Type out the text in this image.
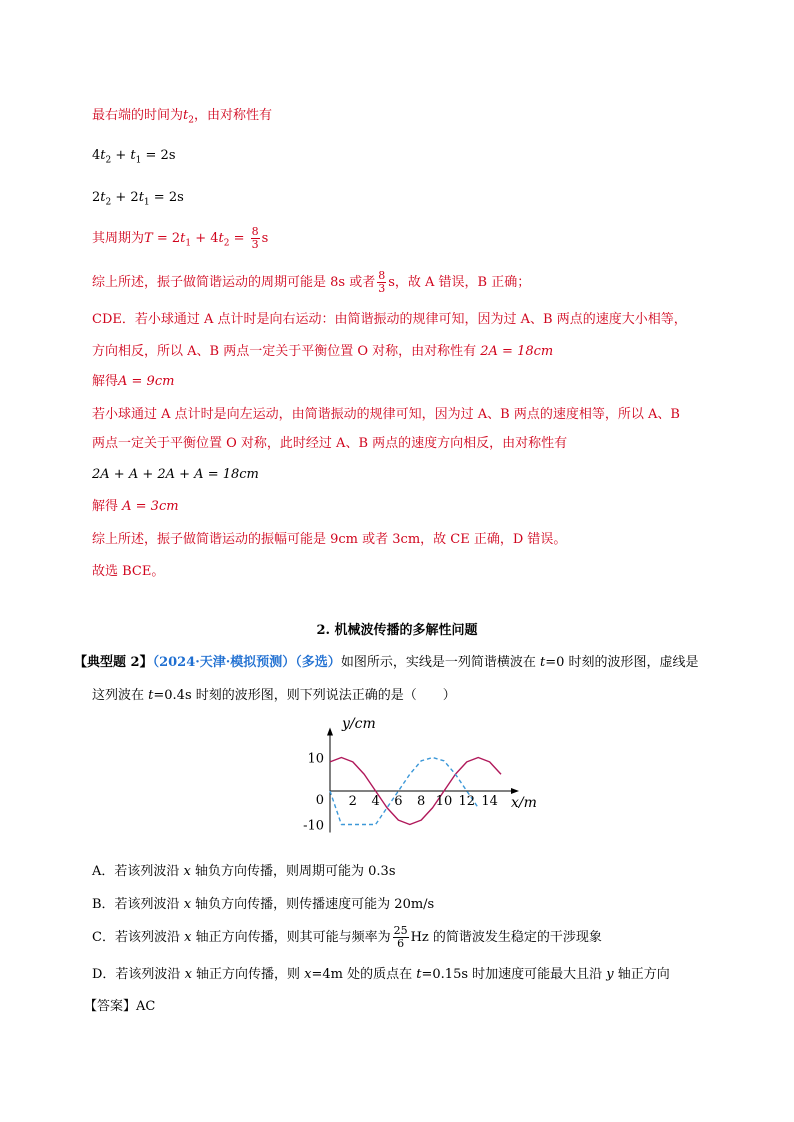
最右端的时间为$t_2$，由对称性有
$4t_2 + t_1 = 2s$
$2t_2 + 2t_1 = 2s$
其周期为$T = 2t_1 + 4t_2 = \frac{8}{3}$ s
综上所述，振子做简谐运动的周期可能是 8s 或者 $\frac{8}{3}$ s，故 A 错误，B 正确；
CDE．若小球通过 A 点计时是向右运动：由简谐振动的规律可知，因为过 A、B 两点的速度大小相等，
方向相反，所以 A、B 两点一定关于平衡位置 O 对称，由对称性有 2A = 18cm
解得A = 9cm
若小球通过 A 点计时是向左运动，由简谐振动的规律可知，因为过 A、B 两点的速度相等，所以 A、B
两点一定关于平衡位置 O 对称，此时经过 A、B 两点的速度方向相反，由对称性有
2A + A + 2A + A = 18cm
解得 A = 3cm
综上所述，振子做简谐运动的振幅可能是 9cm 或者 3cm，故 CE 正确，D 错误。
故选 BCE。
2. 机械波传播的多解性问题
【典型题 2】（2024·天津·模拟预测）（多选）如图所示，实线是一列简谐横波在 t=0 时刻的波形图，虚线是
这列波在 t=0.4s 时刻的波形图，则下列说法正确的是（　　）
2 4 6 8 10 12 14
10
0
-10
y/cm
x/m
A．若该列波沿 x 轴负方向传播，则周期可能为 0.3s
B．若该列波沿 x 轴负方向传播，则传播速度可能为 20m/s
C．若该列波沿 x 轴正方向传播，则其可能与频率为 $\frac{25}{6}$ Hz 的简谐波发生稳定的干涉现象
D．若该列波沿 x 轴正方向传播，则 x=4m 处的质点在 t=0.15s 时加速度可能最大且沿 y 轴正方向
【答案】AC
